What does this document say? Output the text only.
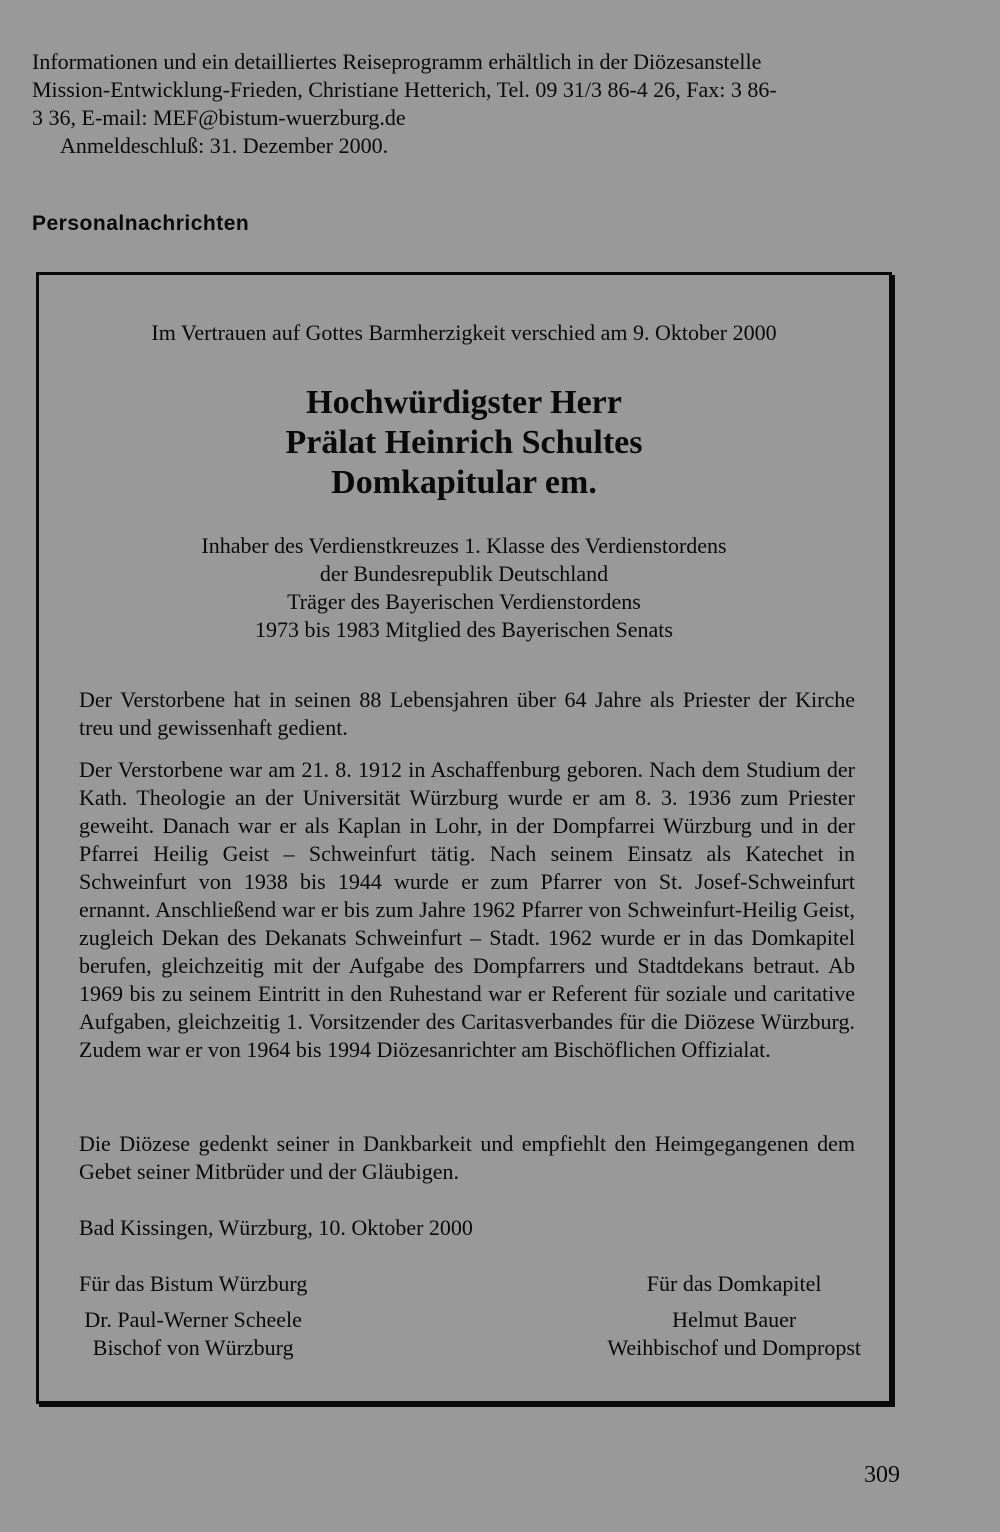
Informationen und ein detailliertes Reiseprogramm erhältlich in der Diözesanstelle
Mission-Entwicklung-Frieden, Christiane Hetterich, Tel. 09 31/3 86-4 26, Fax: 3 86-
3 36, E-mail: MEF@bistum-wuerzburg.de
Anmeldeschluß: 31. Dezember 2000.
Personalnachrichten
Im Vertrauen auf Gottes Barmherzigkeit verschied am 9. Oktober 2000
Hochwürdigster Herr
Prälat Heinrich Schultes
Domkapitular em.
Inhaber des Verdienstkreuzes 1. Klasse des Verdienstordens
der Bundesrepublik Deutschland
Träger des Bayerischen Verdienstordens
1973 bis 1983 Mitglied des Bayerischen Senats

Der Verstorbene hat in seinen 88 Lebensjahren über 64 Jahre als Priester der Kirche treu und gewissenhaft gedient.

Der Verstorbene war am 21. 8. 1912 in Aschaffenburg geboren. Nach dem Studium der Kath. Theologie an der Universität Würzburg wurde er am 8. 3. 1936 zum Priester geweiht. Danach war er als Kaplan in Lohr, in der Dompfarrei Würzburg und in der Pfarrei Heilig Geist – Schweinfurt tätig. Nach seinem Einsatz als Katechet in Schweinfurt von 1938 bis 1944 wurde er zum Pfarrer von St. Josef-Schweinfurt ernannt. Anschließend war er bis zum Jahre 1962 Pfarrer von Schweinfurt-Heilig Geist, zugleich Dekan des Dekanats Schweinfurt – Stadt. 1962 wurde er in das Domkapitel berufen, gleichzeitig mit der Aufgabe des Dompfarrers und Stadtdekans betraut. Ab 1969 bis zu seinem Eintritt in den Ruhestand war er Referent für soziale und caritative Aufgaben, gleichzeitig 1. Vorsitzender des Caritasverbandes für die Diözese Würzburg. Zudem war er von 1964 bis 1994 Diözesanrichter am Bischöflichen Offizialat.

Die Diözese gedenkt seiner in Dankbarkeit und empfiehlt den Heimgegangenen dem Gebet seiner Mitbrüder und der Gläubigen.

Bad Kissingen, Würzburg, 10. Oktober 2000

Für das Bistum Würzburg
Dr. Paul-Werner Scheele
Bischof von Würzburg
Für das Domkapitel
Helmut Bauer
Weihbischof und Dompropst
309
